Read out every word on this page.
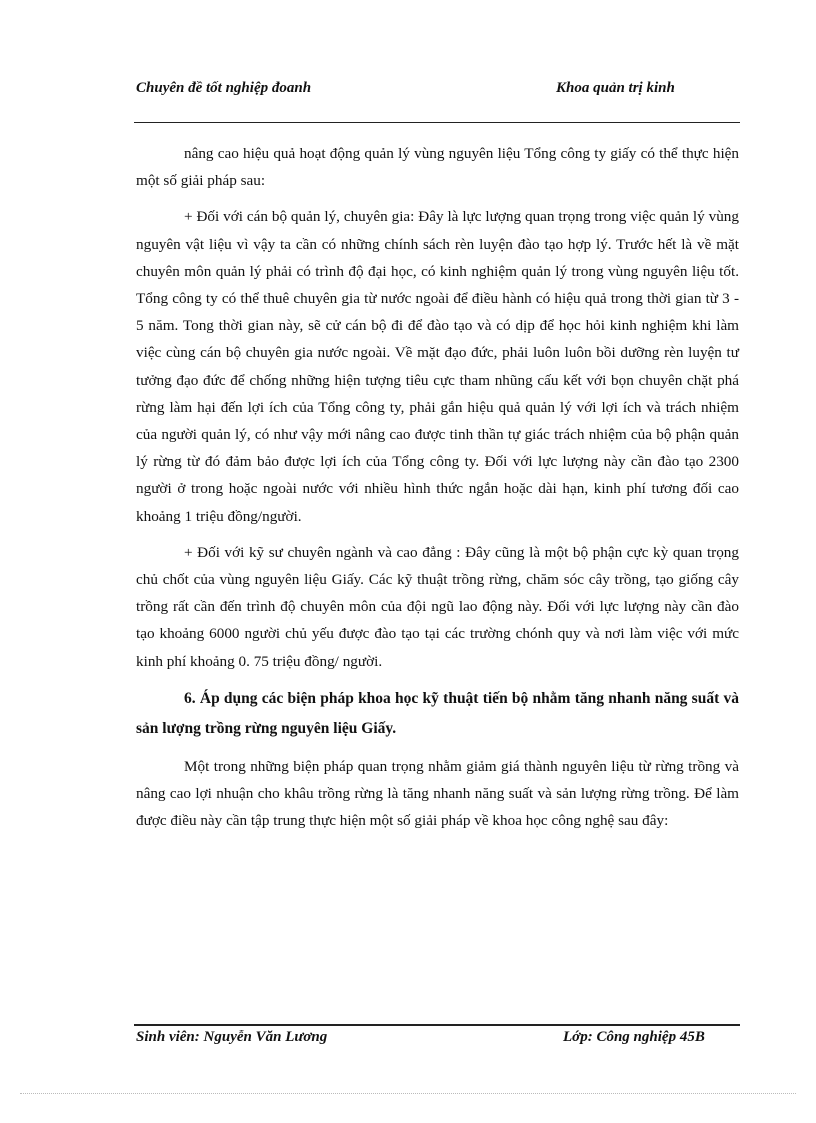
Chuyên đề tốt nghiệp đoanh	Khoa quản trị kinh

nâng cao hiệu quả hoạt động quản lý vùng nguyên liệu Tổng công ty giấy có thể thực hiện một số giải pháp sau:

+ Đối với cán bộ quản lý, chuyên gia: Đây là lực lượng quan trọng trong việc quản lý vùng nguyên vật liệu vì vậy ta cần có những chính sách rèn luyện đào tạo hợp lý. Trước hết là về mặt chuyên môn quản lý phải có trình độ đại học, có kinh nghiệm quản lý trong vùng nguyên liệu tốt. Tổng công ty có thể thuê chuyên gia từ nước ngoài để điều hành có hiệu quả trong thời gian từ 3 - 5 năm. Tong thời gian này, sẽ cử cán bộ đi để đào tạo và có dịp để học hỏi kinh nghiệm khi làm việc cùng cán bộ chuyên gia nước ngoài. Về mặt đạo đức, phải luôn luôn bồi dưỡng rèn luyện tư tưởng đạo đức để chống những hiện tượng tiêu cực tham nhũng cấu kết với bọn chuyên chặt phá rừng làm hại đến lợi ích của Tổng công ty, phải gắn hiệu quả quản lý với lợi ích và trách nhiệm của người quản lý, có như vậy mới nâng cao được tinh thần tự giác trách nhiệm của bộ phận quản lý rừng từ đó đảm bảo được lợi ích của Tổng công ty. Đối với lực lượng này cần đào tạo 2300 người ở trong hoặc ngoài nước với nhiều hình thức ngắn hoặc dài hạn, kinh phí tương đối cao khoảng 1 triệu đồng/người.

+ Đối với kỹ sư chuyên ngành và cao đẳng : Đây cũng là một bộ phận cực kỳ quan trọng chủ chốt của vùng nguyên liệu Giấy. Các kỹ thuật trồng rừng, chăm sóc cây trồng, tạo giống cây trồng rất cần đến trình độ chuyên môn của đội ngũ lao động này. Đối với lực lượng này cần đào tạo khoảng 6000 người chủ yếu được đào tạo tại các trường chónh quy và nơi làm việc với mức kinh phí khoảng 0. 75 triệu đồng/ người.

6. Áp dụng các biện pháp khoa học kỹ thuật tiến bộ nhằm tăng nhanh năng suất và sản lượng trồng rừng nguyên liệu Giấy.

Một trong những biện pháp quan trọng nhằm giảm giá thành nguyên liệu từ rừng trồng và nâng cao lợi nhuận cho khâu trồng rừng là tăng nhanh năng suất và sản lượng rừng trồng. Để làm được điều này cần tập trung thực hiện một số giải pháp về khoa học công nghệ sau đây:

Sinh viên: Nguyễn Văn Lương	Lớp: Công nghiệp 45B
